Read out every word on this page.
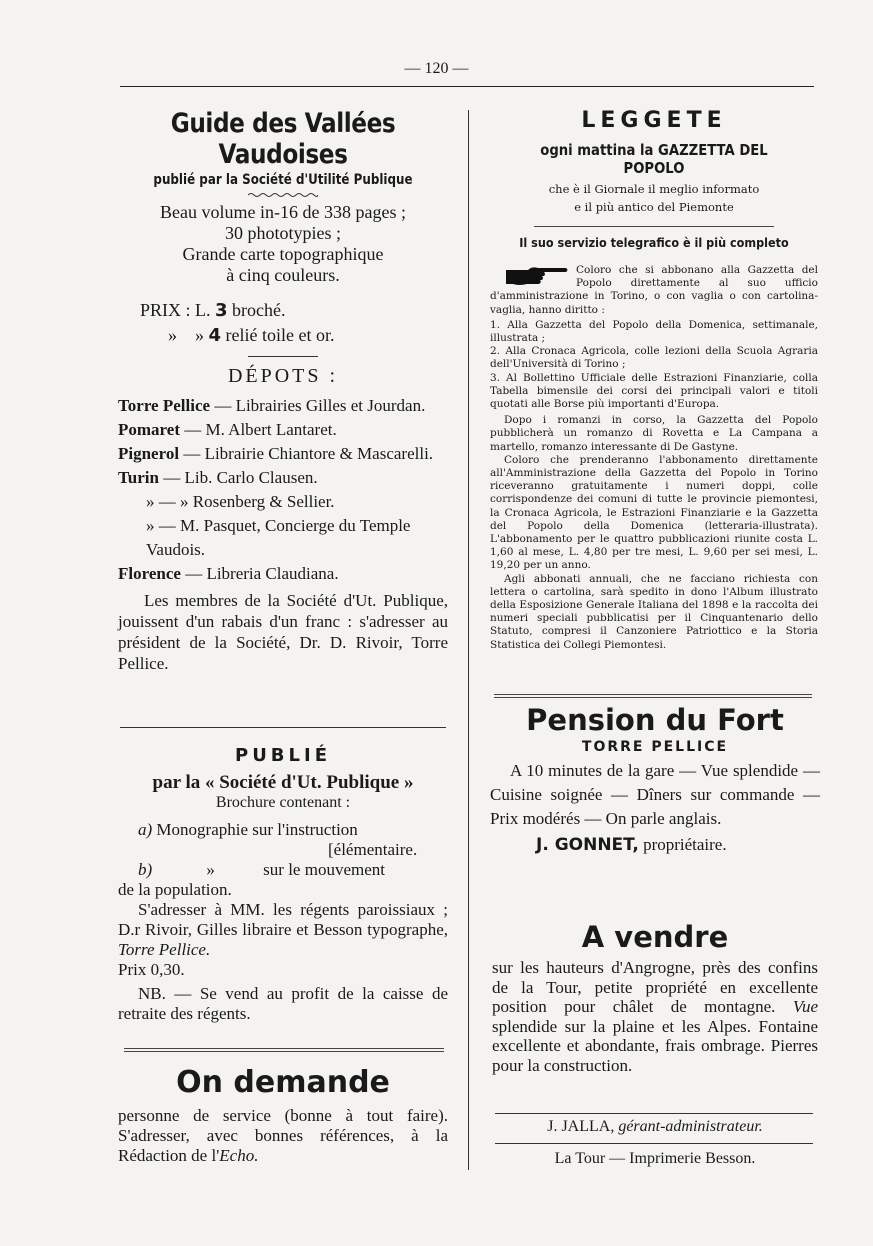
— 120 —
Guide des Vallées Vaudoises
publié par la Société d'Utilité Publique
Beau volume in-16 de 338 pages ;
30 phototypies ;
Grande carte topographique
à cinq couleurs.
PRIX : L. 3 broché.
» » 4 relié toile et or.
DÉPOTS :
Torre Pellice — Librairies Gilles et Jourdan.
Pomaret — M. Albert Lantaret.
Pignerol — Librairie Chiantore & Mascarelli.
Turin — Lib. Carlo Clausen.
» — » Rosenberg & Sellier.
» — M. Pasquet, Concierge du Temple Vaudois.
Florence — Libreria Claudiana.
Les membres de la Société d'Ut. Publique, jouissent d'un rabais d'un franc : s'adresser au président de la Société, Dr. D. Rivoir, Torre Pellice.
PUBLIÉ
par la « Société d'Ut. Publique »
Brochure contenant :
a) Monographie sur l'instruction
[élémentaire.
b)	»	sur le mouvement
de la population.
S'adresser à MM. les régents paroissiaux ; D.r Rivoir, Gilles libraire et Besson typographe, Torre Pellice.
Prix 0,30.
NB. — Se vend au profit de la caisse de retraite des régents.
On demande
personne de service (bonne à tout faire). S'adresser, avec bonnes références, à la Rédaction de l'Echo.
LEGGETE
ogni mattina la GAZZETTA DEL POPOLO
che è il Giornale il meglio informato
e il più antico del Piemonte
Il suo servizio telegrafico è il più completo

Coloro che si abbonano alla Gazzetta del Popolo direttamente al suo ufficio d'amministrazione in Torino, o con vaglia o con cartolina-vaglia, hanno diritto :

1. Alla Gazzetta del Popolo della Domenica, settimanale, illustrata ;

2. Alla Cronaca Agricola, colle lezioni della Scuola Agraria dell'Università di Torino ;

3. Al Bollettino Ufficiale delle Estrazioni Finanziarie, colla Tabella bimensile dei corsi dei principali valori e titoli quotati alle Borse più importanti d'Europa.

Dopo i romanzi in corso, la Gazzetta del Popolo pubblicherà un romanzo di Rovetta e La Campana a martello, romanzo interessante di De Gastyne.

Coloro che prenderanno l'abbonamento direttamente all'Amministrazione della Gazzetta del Popolo in Torino riceveranno gratuitamente i numeri doppi, colle corrispondenze dei comuni di tutte le provincie piemontesi, la Cronaca Agricola, le Estrazioni Finanziarie e la Gazzetta del Popolo della Domenica (letteraria-illustrata). L'abbonamento per le quattro pubblicazioni riunite costa L. 1,60 al mese, L. 4,80 per tre mesi, L. 9,60 per sei mesi, L. 19,20 per un anno.

Agli abbonati annuali, che ne facciano richiesta con lettera o cartolina, sarà spedito in dono l'Album illustrato della Esposizione Generale Italiana del 1898 e la raccolta dei numeri speciali pubblicatisi per il Cinquantenario dello Statuto, compresi il Canzoniere Patriottico e la Storia Statistica dei Collegi Piemontesi.

Pension du Fort
TORRE PELLICE
A 10 minutes de la gare — Vue splendide — Cuisine soignée — Dîners sur commande — Prix modérés — On parle anglais.
J. GONNET, propriétaire.
A vendre
sur les hauteurs d'Angrogne, près des confins de la Tour, petite propriété en excellente position pour châlet de montagne. Vue splendide sur la plaine et les Alpes. Fontaine excellente et abondante, frais ombrage. Pierres pour la construction.
J. JALLA, gérant-administrateur.
La Tour — Imprimerie Besson.
